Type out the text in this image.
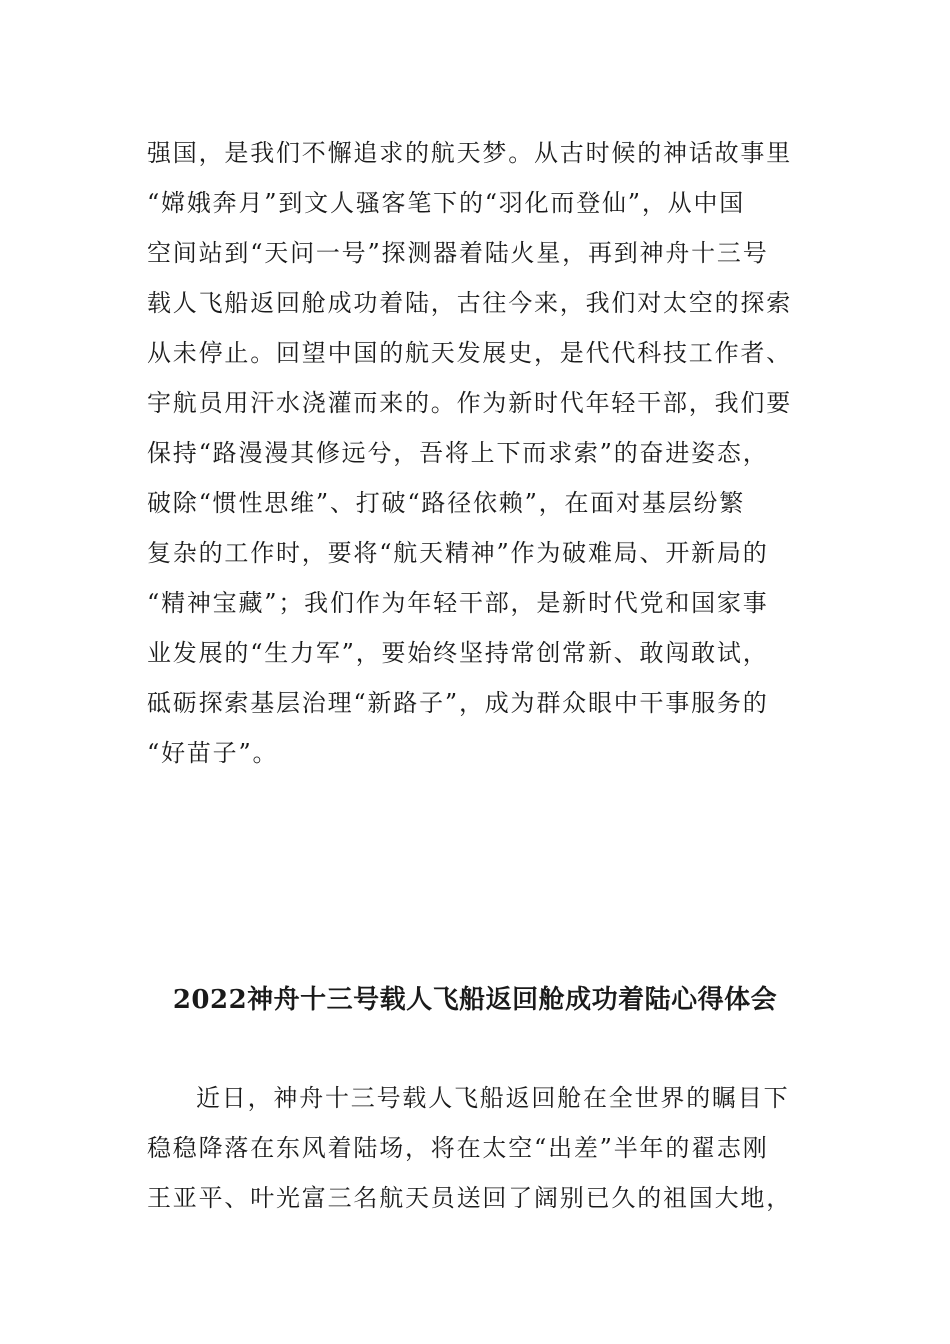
强国，是我们不懈追求的航天梦。从古时候的神话故事里
“嫦娥奔月”到文人骚客笔下的“羽化而登仙”，从中国
空间站到“天问一号”探测器着陆火星，再到神舟十三号
载人飞船返回舱成功着陆，古往今来，我们对太空的探索
从未停止。回望中国的航天发展史，是代代科技工作者、
宇航员用汗水浇灌而来的。作为新时代年轻干部，我们要
保持“路漫漫其修远兮，吾将上下而求索”的奋进姿态，
破除“惯性思维”、打破“路径依赖”，在面对基层纷繁
复杂的工作时，要将“航天精神”作为破难局、开新局的
“精神宝藏”；我们作为年轻干部，是新时代党和国家事
业发展的“生力军”，要始终坚持常创常新、敢闯敢试，
砥砺探索基层治理“新路子”，成为群众眼中干事服务的
“好苗子”。
2022神舟十三号载人飞船返回舱成功着陆心得体会
近日，神舟十三号载人飞船返回舱在全世界的瞩目下
稳稳降落在东风着陆场，将在太空“出差”半年的翟志刚
王亚平、叶光富三名航天员送回了阔别已久的祖国大地，
